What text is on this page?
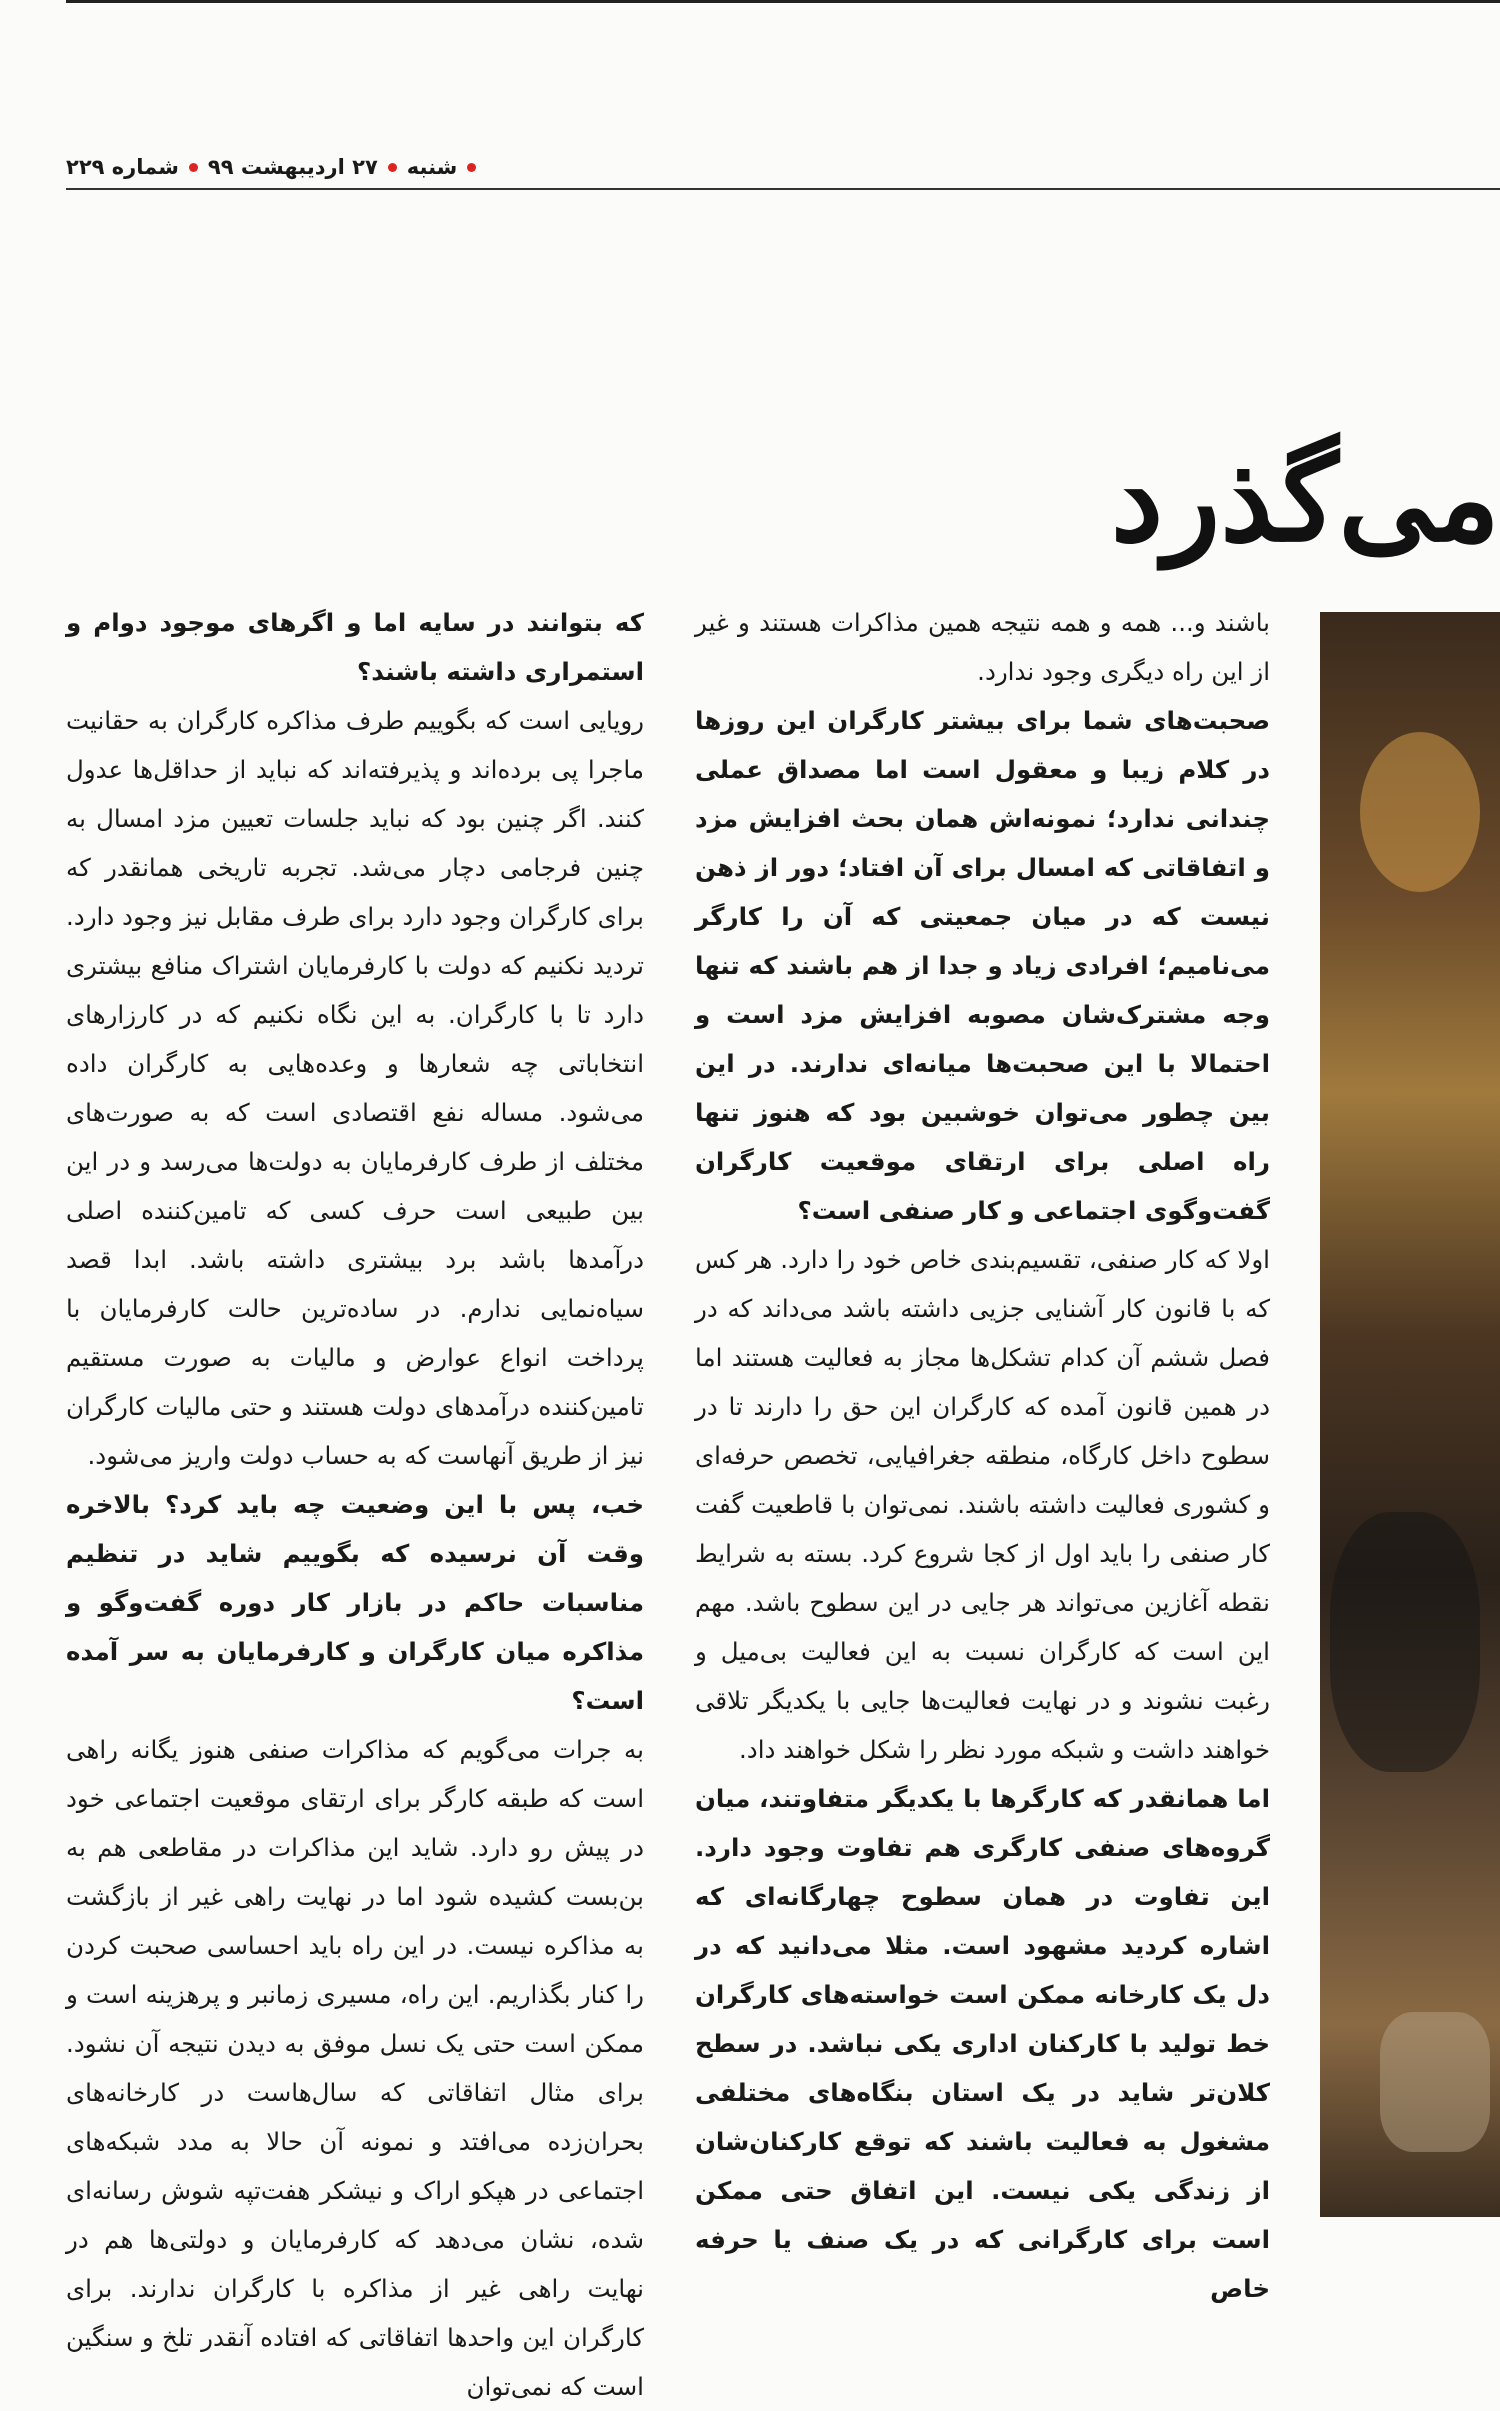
شنبه
۲۷ اردیبهشت ۹۹
شماره ۲۲۹
می‌گذرد

باشند و... همه و همه نتیجه همین مذاکرات هستند و غیر از این راه دیگری وجود ندارد.

صحبت‌های شما برای بیشتر کارگران این روزها در کلام زیبا و معقول است اما مصداق عملی چندانی ندارد؛ نمونه‌اش همان بحث افزایش مزد و اتفاقاتی که امسال برای آن افتاد؛ دور از ذهن نیست که در میان جمعیتی که آن را کارگر می‌نامیم؛ افرادی زیاد و جدا از هم باشند که تنها وجه مشترک‌شان مصوبه افزایش مزد است و احتمالا با این صحبت‌ها میانه‌ای ندارند. در این بین چطور می‌توان خوشبین بود که هنوز تنها راه اصلی برای ارتقای موقعیت کارگران گفت‌وگوی اجتماعی و کار صنفی است؟

اولا که کار صنفی، تقسیم‌بندی خاص خود را دارد. هر کس که با قانون کار آشنایی جزیی داشته باشد می‌داند که در فصل ششم آن کدام تشکل‌ها مجاز به فعالیت هستند اما در همین قانون آمده که کارگران این حق را دارند تا در سطوح داخل کارگاه، منطقه جغرافیایی، تخصص حرفه‌ای و کشوری فعالیت داشته باشند. نمی‌توان با قاطعیت گفت کار صنفی را باید اول از کجا شروع کرد. بسته به شرایط نقطه آغازین می‌تواند هر جایی در این سطوح باشد. مهم این است که کارگران نسبت به این فعالیت بی‌میل و رغبت نشوند و در نهایت فعالیت‌ها جایی با یکدیگر تلاقی خواهند داشت و شبکه مورد نظر را شکل خواهند داد.

اما همانقدر که کارگرها با یکدیگر متفاوتند، میان گروه‌های صنفی کارگری هم تفاوت وجود دارد. این تفاوت در همان سطوح چهارگانه‌ای که اشاره کردید مشهود است. مثلا می‌دانید که در دل یک کارخانه ممکن است خواسته‌های کارگران خط تولید با کارکنان اداری یکی نباشد. در سطح کلان‌تر شاید در یک استان بنگاه‌های مختلفی مشغول به فعالیت باشند که توقع کارکنان‌شان از زندگی یکی نیست. این اتفاق حتی ممکن است برای کارگرانی که در یک صنف یا حرفه خاص

که بتوانند در سایه اما و اگرهای موجود دوام و استمراری داشته باشند؟

رویایی است که بگوییم طرف مذاکره کارگران به حقانیت ماجرا پی برده‌اند و پذیرفته‌اند که نباید از حداقل‌ها عدول کنند. اگر چنین بود که نباید جلسات تعیین مزد امسال به چنین فرجامی دچار می‌شد. تجربه تاریخی همانقدر که برای کارگران وجود دارد برای طرف مقابل نیز وجود دارد. تردید نکنیم که دولت با کارفرمایان اشتراک منافع بیشتری دارد تا با کارگران. به این نگاه نکنیم که در کارزارهای انتخاباتی چه شعارها و وعده‌هایی به کارگران داده می‌شود. مساله نفع اقتصادی است که به صورت‌های مختلف از طرف کارفرمایان به دولت‌ها می‌رسد و در این بین طبیعی است حرف کسی که تامین‌کننده اصلی درآمدها باشد برد بیشتری داشته باشد. ابدا قصد سیاه‌نمایی ندارم. در ساده‌ترین حالت کارفرمایان با پرداخت انواع عوارض و مالیات به صورت مستقیم تامین‌کننده درآمدهای دولت هستند و حتی مالیات کارگران نیز از طریق آنهاست که به حساب دولت واریز می‌شود.

خب، پس با این وضعیت چه باید کرد؟ بالاخره وقت آن نرسیده که بگوییم شاید در تنظیم مناسبات حاکم در بازار کار دوره گفت‌وگو و مذاکره میان کارگران و کارفرمایان به سر آمده است؟

به جرات می‌گویم که مذاکرات صنفی هنوز یگانه راهی است که طبقه کارگر برای ارتقای موقعیت اجتماعی خود در پیش رو دارد. شاید این مذاکرات در مقاطعی هم به بن‌بست کشیده شود اما در نهایت راهی غیر از بازگشت به مذاکره نیست. در این راه باید احساسی صحبت کردن را کنار بگذاریم. این راه، مسیری زمانبر و پرهزینه است و ممکن است حتی یک نسل موفق به دیدن نتیجه آن نشود. برای مثال اتفاقاتی که سال‌هاست در کارخانه‌های بحران‌زده می‌افتد و نمونه آن حالا به مدد شبکه‌های اجتماعی در هپکو اراک و نیشکر هفت‌تپه شوش رسانه‌ای شده، نشان می‌دهد که کارفرمایان و دولتی‌ها هم در نهایت راهی غیر از مذاکره با کارگران ندارند. برای کارگران این واحدها اتفاقاتی که افتاده آنقدر تلخ و سنگین است که نمی‌توان
